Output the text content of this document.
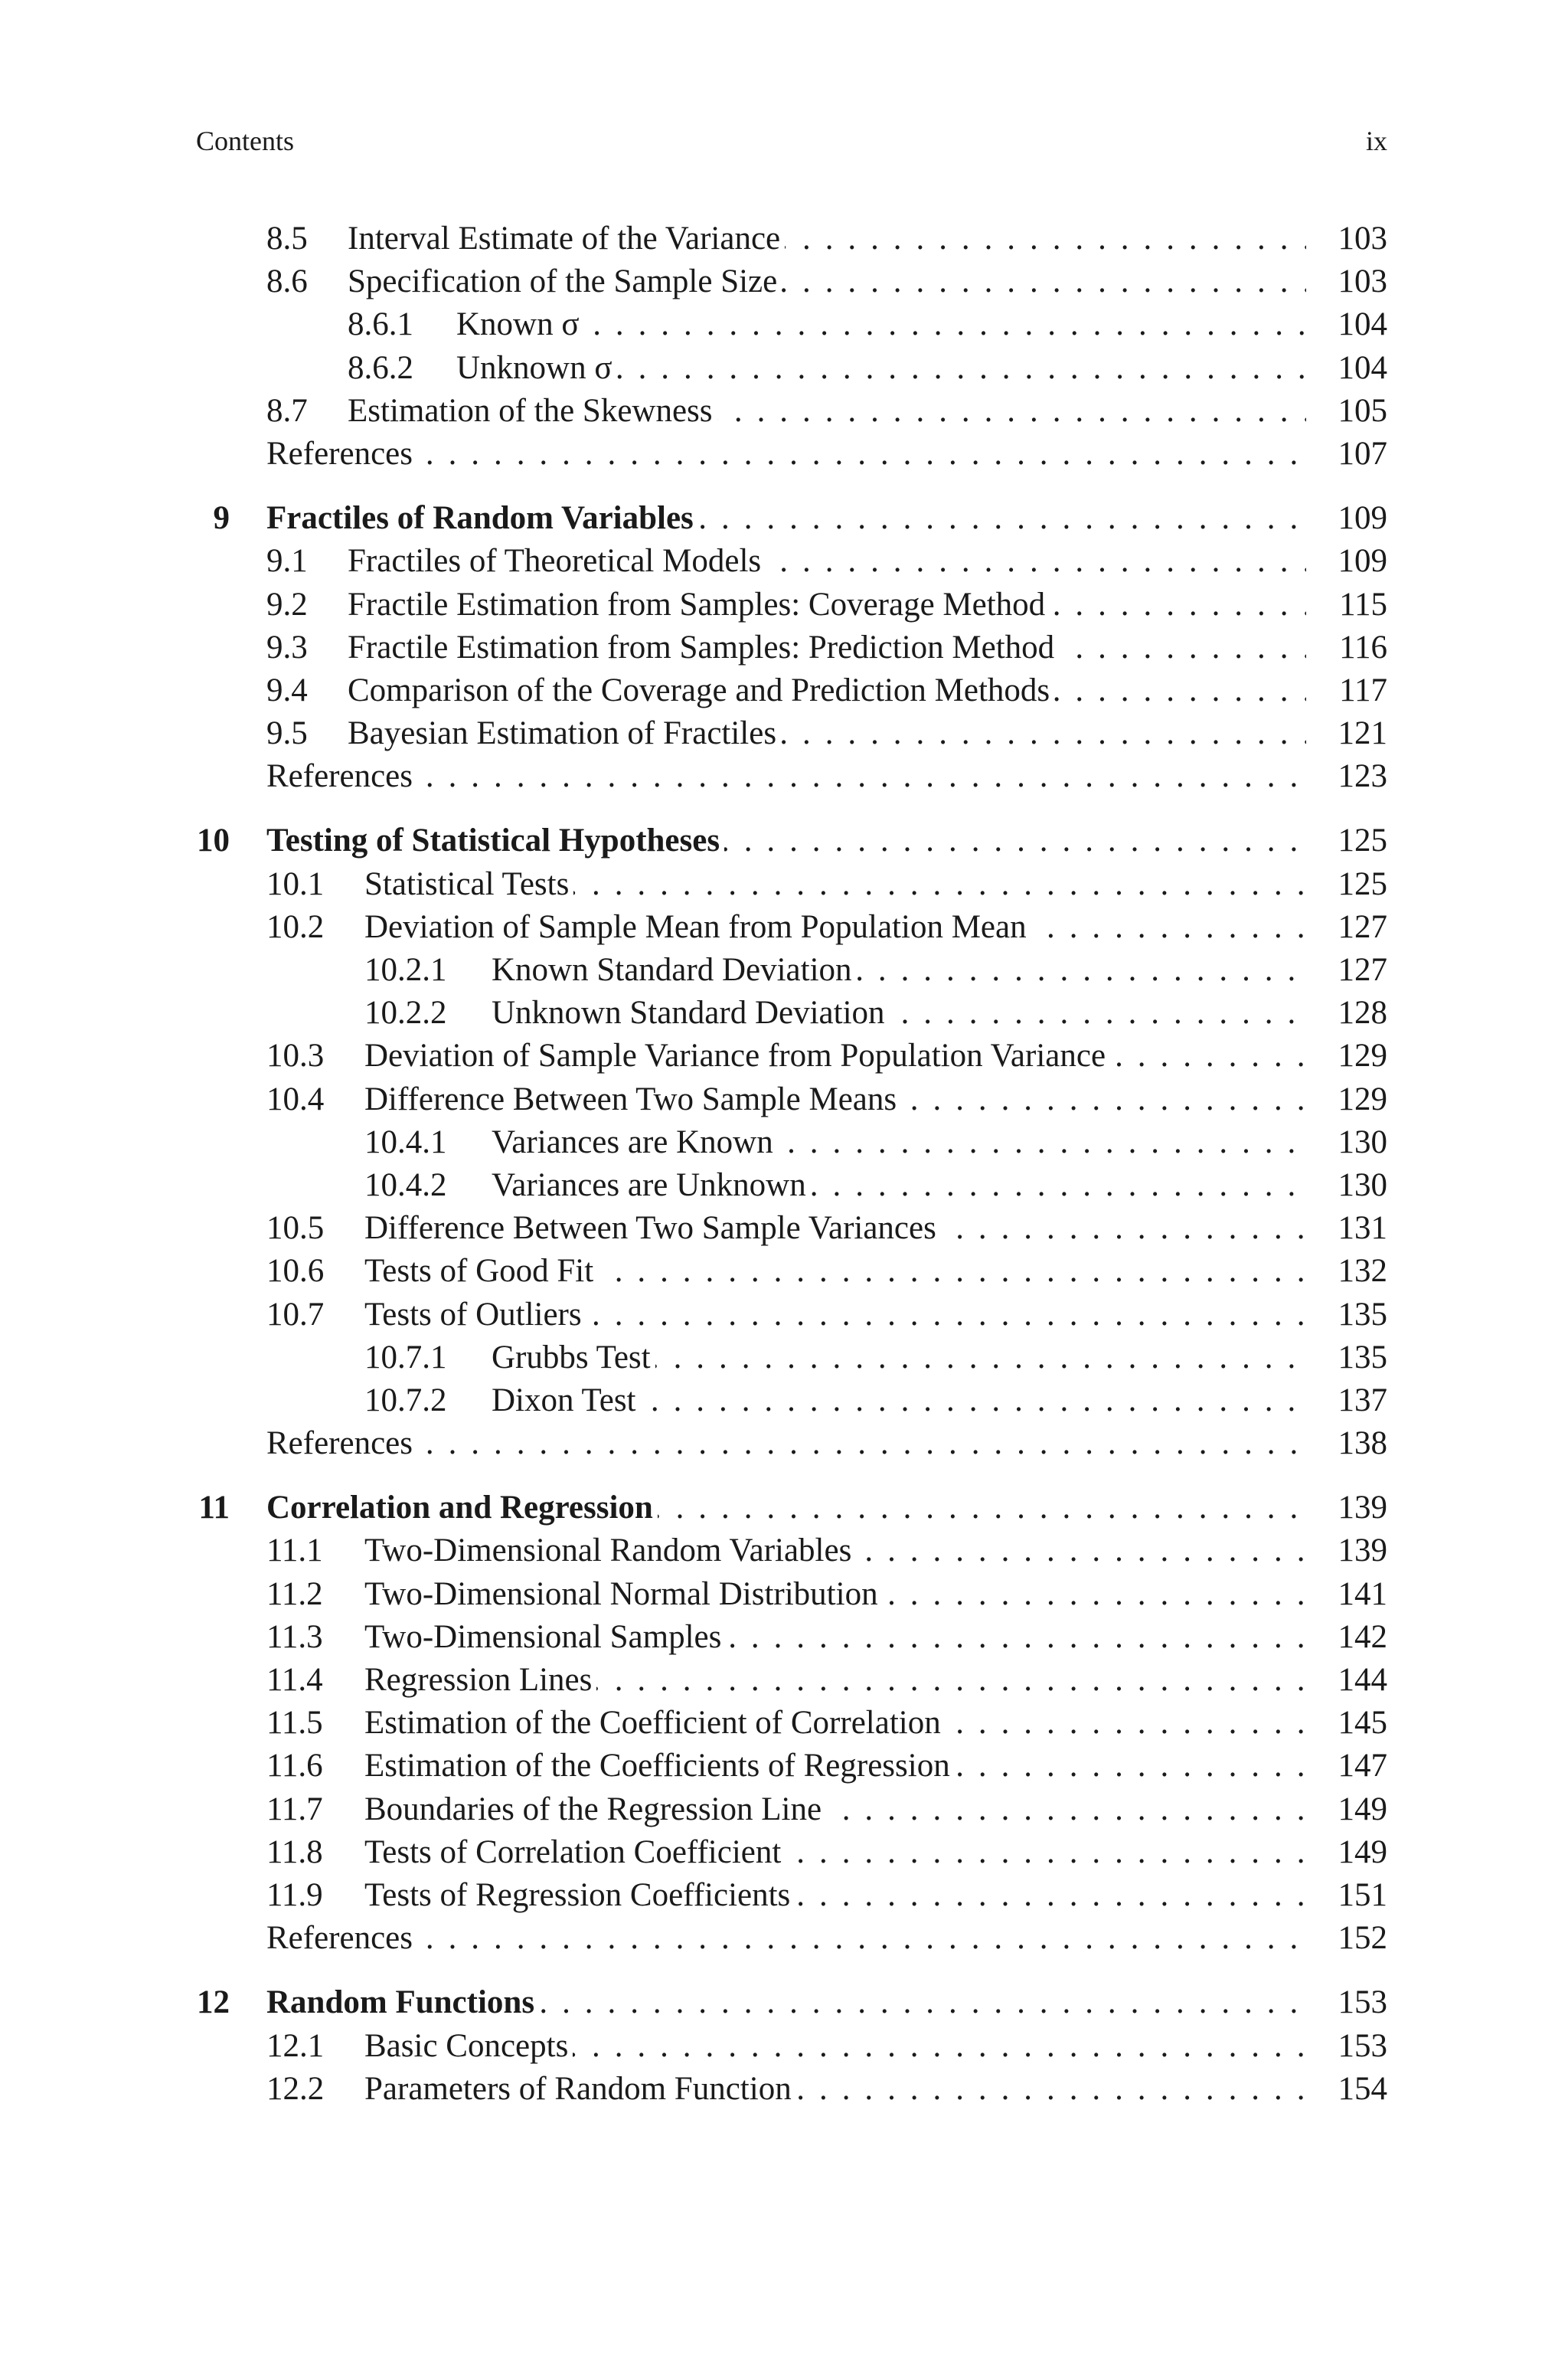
Contents	ix
8.5 Interval Estimate of the Variance . . .	103
8.6 Specification of the Sample Size . . .	103
8.6.1 Known σ . . .	104
8.6.2 Unknown σ . . .	104
8.7 Estimation of the Skewness . . .	105
References . . .	107
9 Fractiles of Random Variables . . .	109
9.1 Fractiles of Theoretical Models . . .	109
9.2 Fractile Estimation from Samples: Coverage Method . . .	115
9.3 Fractile Estimation from Samples: Prediction Method . . .	116
9.4 Comparison of the Coverage and Prediction Methods . . .	117
9.5 Bayesian Estimation of Fractiles . . .	121
References . . .	123
10 Testing of Statistical Hypotheses . . .	125
10.1 Statistical Tests . . .	125
10.2 Deviation of Sample Mean from Population Mean . . .	127
10.2.1 Known Standard Deviation . . .	127
10.2.2 Unknown Standard Deviation . . .	128
10.3 Deviation of Sample Variance from Population Variance . . .	129
10.4 Difference Between Two Sample Means . . .	129
10.4.1 Variances are Known . . .	130
10.4.2 Variances are Unknown . . .	130
10.5 Difference Between Two Sample Variances . . .	131
10.6 Tests of Good Fit . . .	132
10.7 Tests of Outliers . . .	135
10.7.1 Grubbs Test . . .	135
10.7.2 Dixon Test . . .	137
References . . .	138
11 Correlation and Regression . . .	139
11.1 Two-Dimensional Random Variables . . .	139
11.2 Two-Dimensional Normal Distribution . . .	141
11.3 Two-Dimensional Samples . . .	142
11.4 Regression Lines . . .	144
11.5 Estimation of the Coefficient of Correlation . . .	145
11.6 Estimation of the Coefficients of Regression . . .	147
11.7 Boundaries of the Regression Line . . .	149
11.8 Tests of Correlation Coefficient . . .	149
11.9 Tests of Regression Coefficients . . .	151
References . . .	152
12 Random Functions . . .	153
12.1 Basic Concepts . . .	153
12.2 Parameters of Random Function . . .	154
